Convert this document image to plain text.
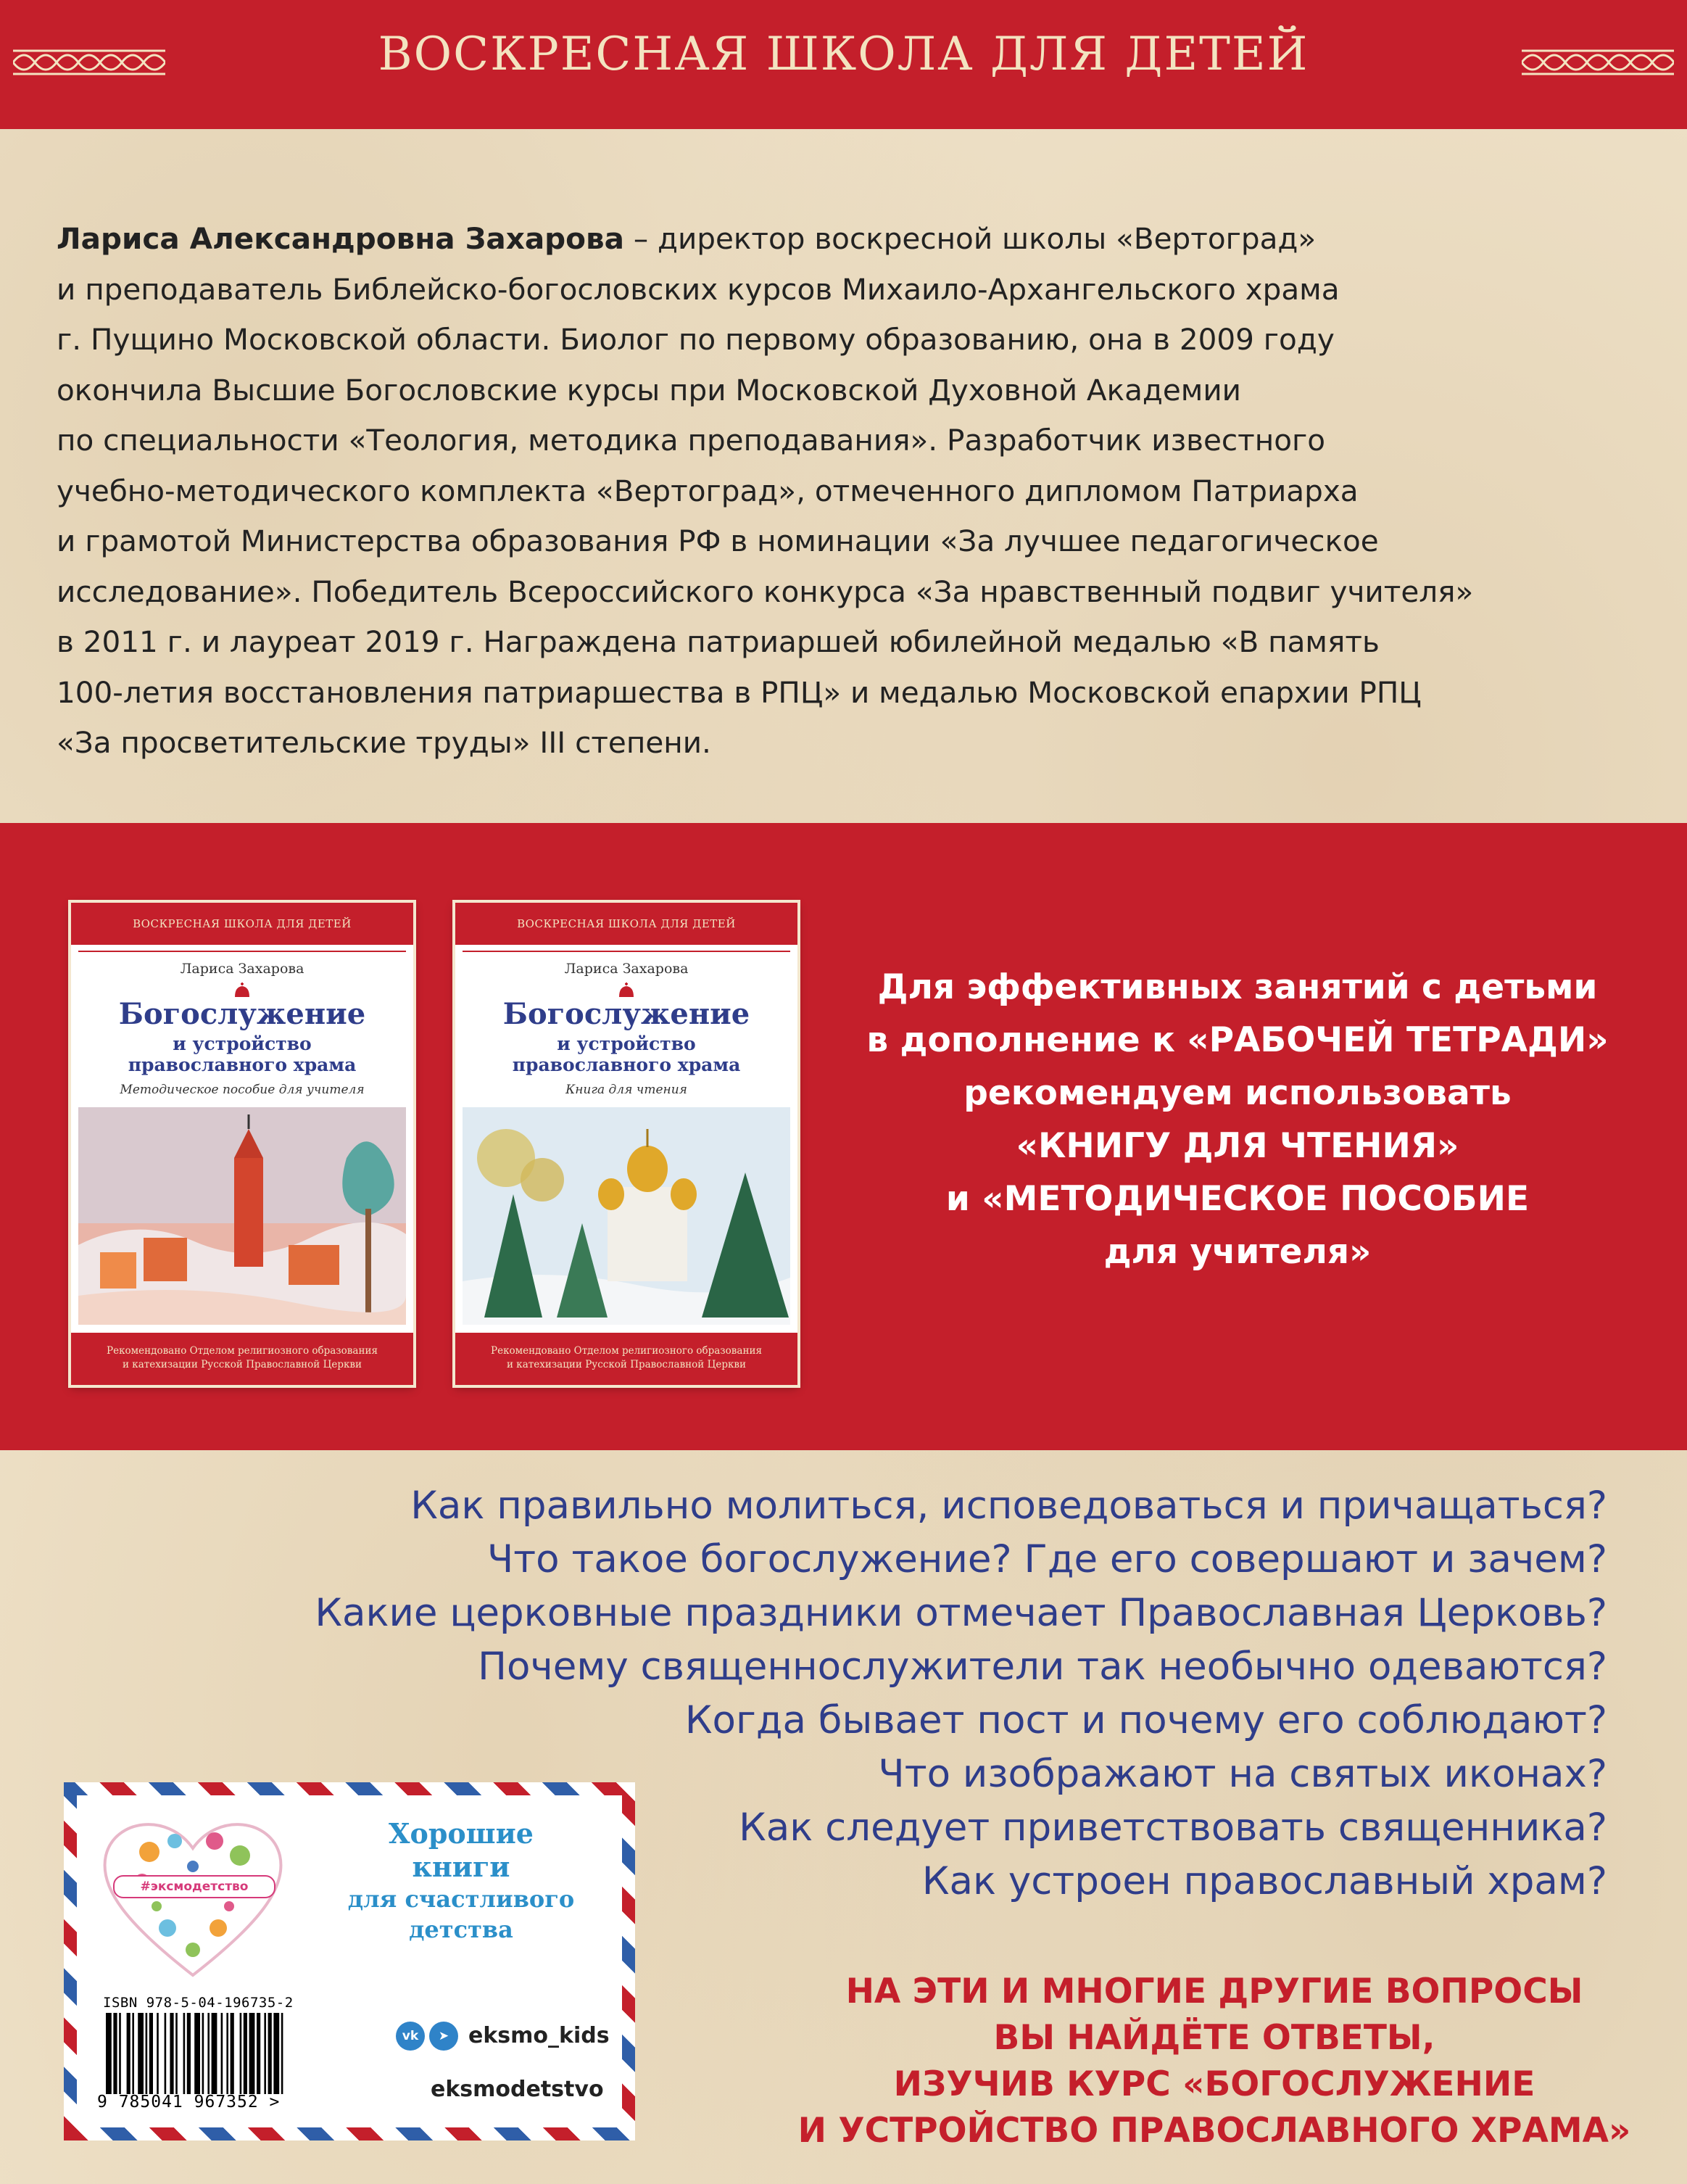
ВОСКРЕСНАЯ ШКОЛА ДЛЯ ДЕТЕЙ
Лариса Александровна Захарова – директор воскресной школы «Вертоград»
и преподаватель Библейско-богословских курсов Михаило-Архангельского храма
г. Пущино Московской области. Биолог по первому образованию, она в 2009 году
окончила Высшие Богословские курсы при Московской Духовной Академии
по специальности «Теология, методика преподавания». Разработчик известного
учебно-методического комплекта «Вертоград», отмеченного дипломом Патриарха
и грамотой Министерства образования РФ в номинации «За лучшее педагогическое
исследование». Победитель Всероссийского конкурса «За нравственный подвиг учителя»
в 2011 г. и лауреат 2019 г. Награждена патриаршей юбилейной медалью «В память
100-летия восстановления патриаршества в РПЦ» и медалью Московской епархии РПЦ
«За просветительские труды» III степени.
ВОСКРЕСНАЯ ШКОЛА ДЛЯ ДЕТЕЙ
Лариса Захарова
Богослужение
и устройство
православного храма
Методическое пособие для учителя
Рекомендовано Отделом религиозного образования
и катехизации Русской Православной Церкви
ВОСКРЕСНАЯ ШКОЛА ДЛЯ ДЕТЕЙ
Лариса Захарова
Богослужение
и устройство
православного храма
Книга для чтения
Рекомендовано Отделом религиозного образования
и катехизации Русской Православной Церкви
Для эффективных занятий с детьми
в дополнение к «РАБОЧЕЙ ТЕТРАДИ»
рекомендуем использовать
«КНИГУ ДЛЯ ЧТЕНИЯ»
и «МЕТОДИЧЕСКОЕ ПОСОБИЕ
для учителя»
Как правильно молиться, исповедоваться и причащаться?
Что такое богослужение? Где его совершают и зачем?
Какие церковные праздники отмечает Православная Церковь?
Почему священнослужители так необычно одеваются?
Когда бывает пост и почему его соблюдают?
Что изображают на святых иконах?
Как следует приветствовать священника?
Как устроен православный храм?
НА ЭТИ И МНОГИЕ ДРУГИЕ ВОПРОСЫ
ВЫ НАЙДЁТЕ ОТВЕТЫ,
ИЗУЧИВ КУРС «БОГОСЛУЖЕНИЕ
И УСТРОЙСТВО ПРАВОСЛАВНОГО ХРАМА»
#эксмодетство
Хорошие
книги
для счастливого
детства
ISBN 978-5-04-196735-2
9 785041 967352 >
vk	➤ eksmo_kids
eksmodetstvo
